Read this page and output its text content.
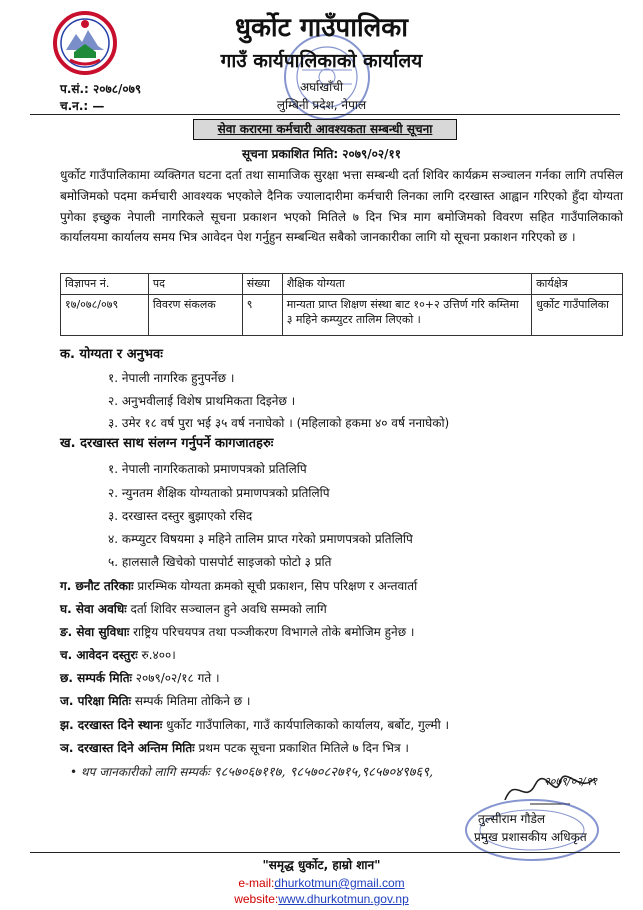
धुर्कोट गाउँपालिका
गाउँ कार्यपालिकाको कार्यालय
अर्घाखाँची
लुम्बिनी प्रदेश, नेपाल
प.सं.: २०७८/०७९
च.न.: —
सेवा करारमा कर्मचारी आवश्यकता सम्बन्धी सूचना
सूचना प्रकाशित मिति: २०७९/०२/११
धुर्कोट गाउँपालिकामा व्यक्तिगत घटना दर्ता तथा सामाजिक सुरक्षा भत्ता सम्बन्धी दर्ता शिविर कार्यक्रम सञ्चालन गर्नका लागि तपसिल बमोजिमको पदमा कर्मचारी आवश्यक भएकोले दैनिक ज्यालादारीमा कर्मचारी लिनका लागि दरखास्त आह्वान गरिएको हुँदा योग्यता पुगेका इच्छुक नेपाली नागरिकले सूचना प्रकाशन भएको मितिले ७ दिन भित्र माग बमोजिमको विवरण सहित गाउँपालिकाको कार्यालयमा कार्यालय समय भित्र आवेदन पेश गर्नुहुन सम्बन्धित सबैको जानकारीका लागि यो सूचना प्रकाशन गरिएको छ ।
विज्ञापन नं.	पद	संख्या	शैक्षिक योग्यता	कार्यक्षेत्र
१७/०७८/०७९	विवरण संकलक	९	मान्यता प्राप्त शिक्षण संस्था बाट १०+२ उत्तिर्ण गरि कम्तिमा ३ महिने कम्प्युटर तालिम लिएको ।	धुर्कोट गाउँपालिका
क. योग्यता र अनुभवः
१. नेपाली नागरिक हुनुपर्नेछ ।
२. अनुभवीलाई विशेष प्राथमिकता दिइनेछ ।
३. उमेर १८ वर्ष पुरा भई ३५ वर्ष ननाघेको । (महिलाको हकमा ४० वर्ष ननाघेको)
ख. दरखास्त साथ संलग्न गर्नुपर्ने कागजातहरुः
१. नेपाली नागरिकताको प्रमाणपत्रको प्रतिलिपि
२. न्युनतम शैक्षिक योग्यताको प्रमाणपत्रको प्रतिलिपि
३. दरखास्त दस्तुर बुझाएको रसिद
४. कम्प्युटर विषयमा ३ महिने तालिम प्राप्त गरेको प्रमाणपत्रको प्रतिलिपि
५. हालसालै खिचेको पासपोर्ट साइजको फोटो ३ प्रति
ग. छनौट तरिकाः प्रारम्भिक योग्यता क्रमको सूची प्रकाशन, सिप परिक्षण र अन्तवार्ता
घ. सेवा अवधिः दर्ता शिविर सञ्चालन हुने अवधि सम्मको लागि
ङ. सेवा सुविधाः राष्ट्रिय परिचयपत्र तथा पञ्जीकरण विभागले तोके बमोजिम हुनेछ ।
च. आवेदन दस्तुरः रु.४००।
छ. सम्पर्क मितिः २०७९/०२/१८ गते ।
ज. परिक्षा मितिः सम्पर्क मितिमा तोकिने छ ।
झ. दरखास्त दिने स्थानः धुर्कोट गाउँपालिका, गाउँ कार्यपालिकाको कार्यालय, बर्बोट, गुल्मी ।
ञ. दरखास्त दिने अन्तिम मितिः प्रथम पटक सूचना प्रकाशित मितिले ७ दिन भित्र ।
• थप जानकारीको लागि सम्पर्कः ९८५७०६७११७, ९८५७०८२७१५,९८५७०४९७६९,
२०७९/०२/११
तुल्सीराम गौडेल
प्रमुख प्रशासकीय अधिकृत
"समृद्ध धुर्कोट, हाम्रो शान"
e-mail:dhurkotmun@gmail.com
website:www.dhurkotmun.gov.np
